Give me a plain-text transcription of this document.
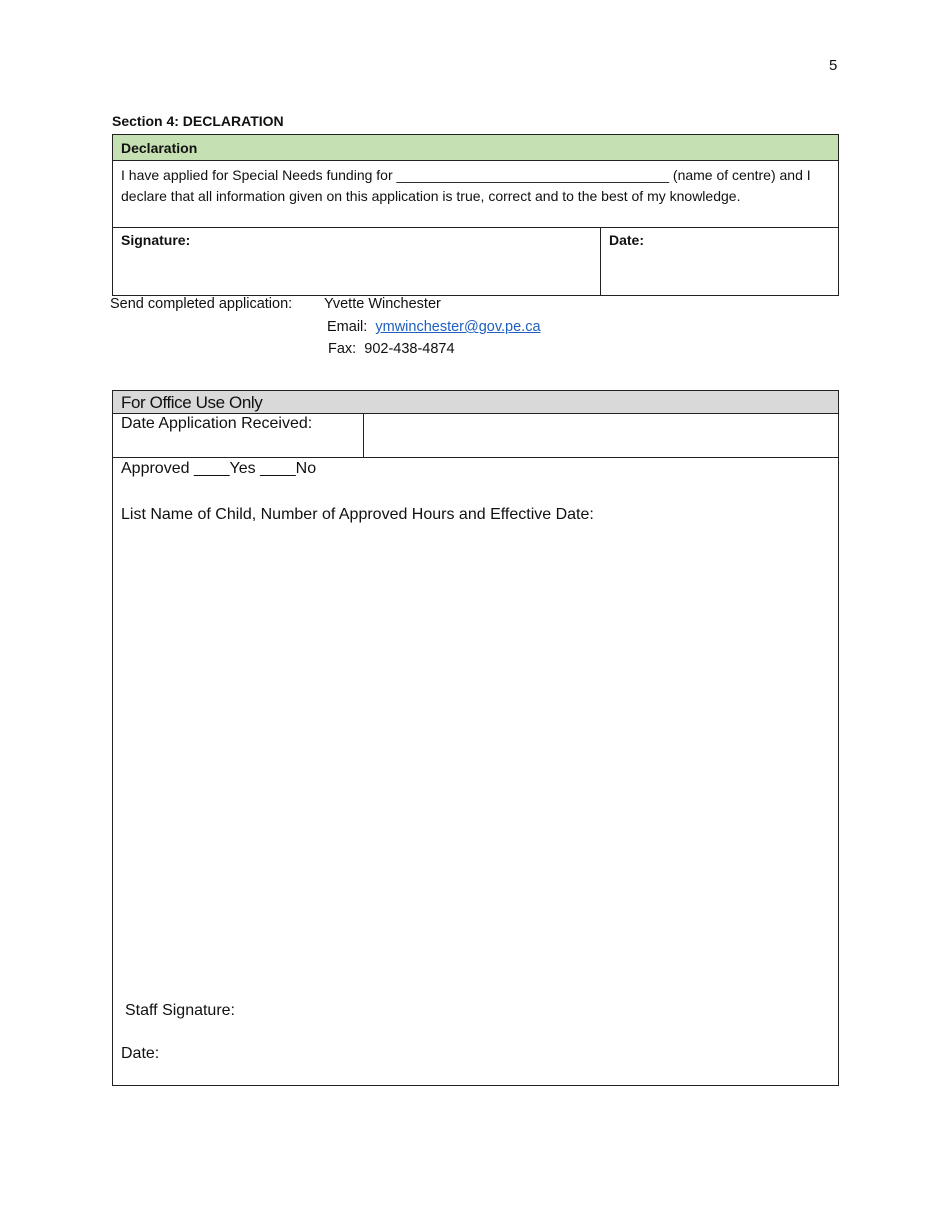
5
Section 4: DECLARATION
Declaration
I have applied for Special Needs funding for ___________________________________ (name of centre) and I declare that all information given on this application is true, correct and to the best of my knowledge.
Signature:	Date:
Send completed application: Yvette Winchester
Email: ymwinchester@gov.pe.ca
Fax: 902-438-4874
For Office Use Only
Date Application Received:
Approved ____Yes ____No
List Name of Child, Number of Approved Hours and Effective Date:
Staff Signature:
Date:
